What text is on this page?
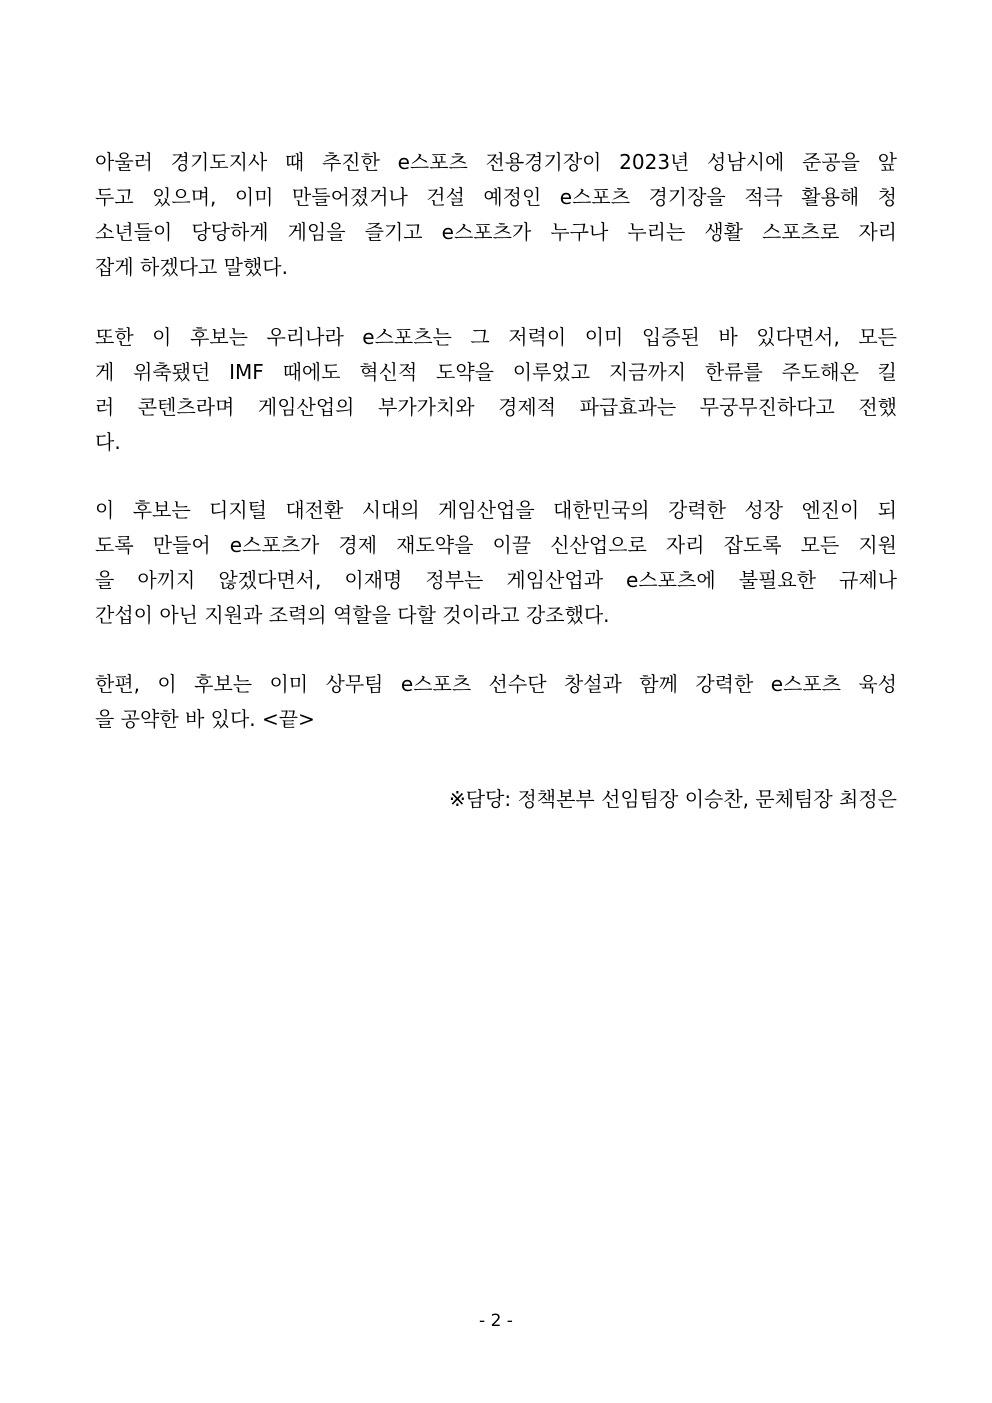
아울러 경기도지사 때 추진한 e스포츠 전용경기장이 2023년 성남시에 준공을 앞
두고 있으며, 이미 만들어졌거나 건설 예정인 e스포츠 경기장을 적극 활용해 청
소년들이 당당하게 게임을 즐기고 e스포츠가 누구나 누리는 생활 스포츠로 자리
잡게 하겠다고 말했다.
또한 이 후보는 우리나라 e스포츠는 그 저력이 이미 입증된 바 있다면서, 모든
게 위축됐던 IMF 때에도 혁신적 도약을 이루었고 지금까지 한류를 주도해온 킬
러 콘텐츠라며 게임산업의 부가가치와 경제적 파급효과는 무궁무진하다고 전했
다.
이 후보는 디지털 대전환 시대의 게임산업을 대한민국의 강력한 성장 엔진이 되
도록 만들어 e스포츠가 경제 재도약을 이끌 신산업으로 자리 잡도록 모든 지원
을 아끼지 않겠다면서, 이재명 정부는 게임산업과 e스포츠에 불필요한 규제나
간섭이 아닌 지원과 조력의 역할을 다할 것이라고 강조했다.
한편, 이 후보는 이미 상무팀 e스포츠 선수단 창설과 함께 강력한 e스포츠 육성
을 공약한 바 있다. <끝>
※담당: 정책본부 선임팀장 이승찬, 문체팀장 최정은
- 2 -
